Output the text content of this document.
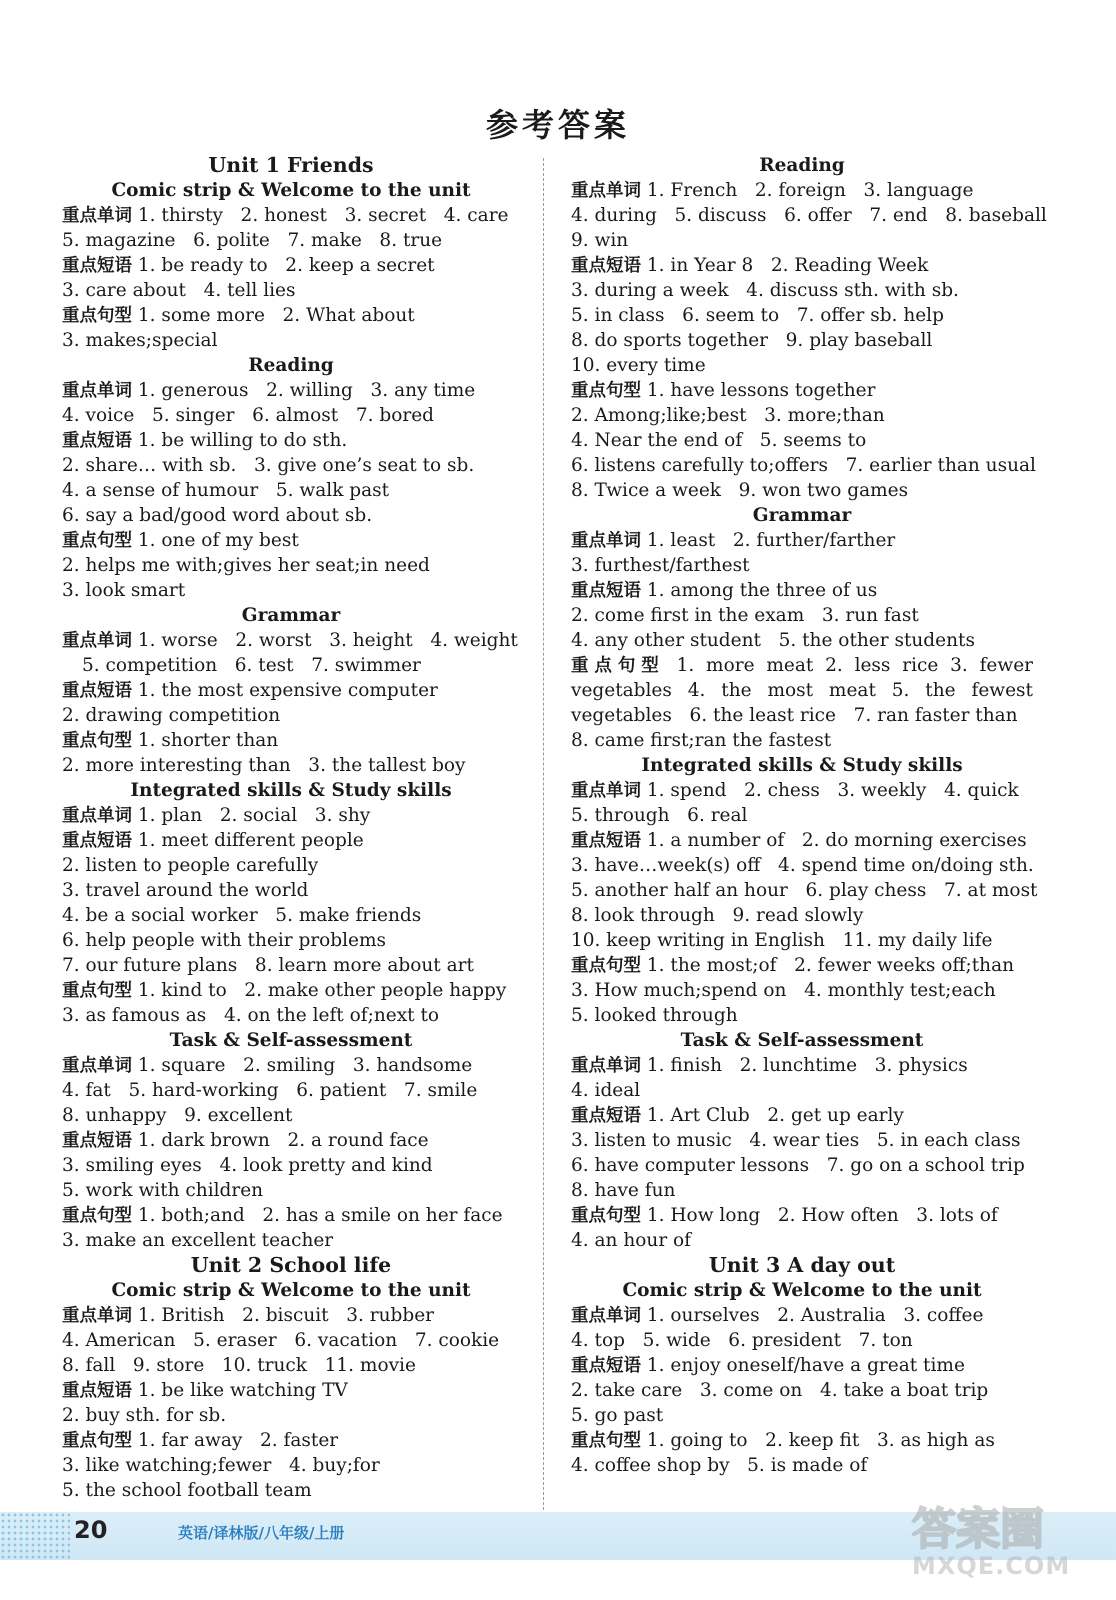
参考答案
Unit 1 Friends
Comic strip & Welcome to the unit
重点单词 1. thirsty   2. honest   3. secret   4. care
5. magazine   6. polite   7. make   8. true
重点短语 1. be ready to   2. keep a secret
3. care about   4. tell lies
重点句型 1. some more   2. What about
3. makes;special
Reading
重点单词 1. generous   2. willing   3. any time
4. voice   5. singer   6. almost   7. bored
重点短语 1. be willing to do sth.
2. share… with sb.   3. give one’s seat to sb.
4. a sense of humour   5. walk past
6. say a bad/good word about sb.
重点句型 1. one of my best
2. helps me with;gives her seat;in need
3. look smart
Grammar
重点单词 1. worse   2. worst   3. height   4. weight
5. competition   6. test   7. swimmer
重点短语 1. the most expensive computer
2. drawing competition
重点句型 1. shorter than
2. more interesting than   3. the tallest boy
Integrated skills & Study skills
重点单词 1. plan   2. social   3. shy
重点短语 1. meet different people
2. listen to people carefully
3. travel around the world
4. be a social worker   5. make friends
6. help people with their problems
7. our future plans   8. learn more about art
重点句型 1. kind to   2. make other people happy
3. as famous as   4. on the left of;next to
Task & Self-assessment
重点单词 1. square   2. smiling   3. handsome
4. fat   5. hard-working   6. patient   7. smile
8. unhappy   9. excellent
重点短语 1. dark brown   2. a round face
3. smiling eyes   4. look pretty and kind
5. work with children
重点句型 1. both;and   2. has a smile on her face
3. make an excellent teacher
Unit 2 School life
Comic strip & Welcome to the unit
重点单词 1. British   2. biscuit   3. rubber
4. American   5. eraser   6. vacation   7. cookie
8. fall   9. store   10. truck   11. movie
重点短语 1. be like watching TV
2. buy sth. for sb.
重点句型 1. far away   2. faster
3. like watching;fewer   4. buy;for
5. the school football team
Reading
重点单词 1. French   2. foreign   3. language
4. during   5. discuss   6. offer   7. end   8. baseball
9. win
重点短语 1. in Year 8   2. Reading Week
3. during a week   4. discuss sth. with sb.
5. in class   6. seem to   7. offer sb. help
8. do sports together   9. play baseball
10. every time
重点句型 1. have lessons together
2. Among;like;best   3. more;than
4. Near the end of   5. seems to
6. listens carefully to;offers   7. earlier than usual
8. Twice a week   9. won two games
Grammar
重点单词 1. least   2. further/farther
3. furthest/farthest
重点短语 1. among the three of us
2. come first in the exam   3. run fast
4. any other student   5. the other students
重点句型 1. more meat 2. less rice 3. fewer
vegetables 4. the most meat 5. the fewest
vegetables   6. the least rice   7. ran faster than
8. came first;ran the fastest
Integrated skills & Study skills
重点单词 1. spend   2. chess   3. weekly   4. quick
5. through   6. real
重点短语 1. a number of   2. do morning exercises
3. have…week(s) off   4. spend time on/doing sth.
5. another half an hour   6. play chess   7. at most
8. look through   9. read slowly
10. keep writing in English   11. my daily life
重点句型 1. the most;of   2. fewer weeks off;than
3. How much;spend on   4. monthly test;each
5. looked through
Task & Self-assessment
重点单词 1. finish   2. lunchtime   3. physics
4. ideal
重点短语 1. Art Club   2. get up early
3. listen to music   4. wear ties   5. in each class
6. have computer lessons   7. go on a school trip
8. have fun
重点句型 1. How long   2. How often   3. lots of
4. an hour of
Unit 3 A day out
Comic strip & Welcome to the unit
重点单词 1. ourselves   2. Australia   3. coffee
4. top   5. wide   6. president   7. ton
重点短语 1. enjoy oneself/have a great time
2. take care   3. come on   4. take a boat trip
5. go past
重点句型 1. going to   2. keep fit   3. as high as
4. coffee shop by   5. is made of
20	英语/译林版/八年级/上册	答案圈
MXQE.COM
